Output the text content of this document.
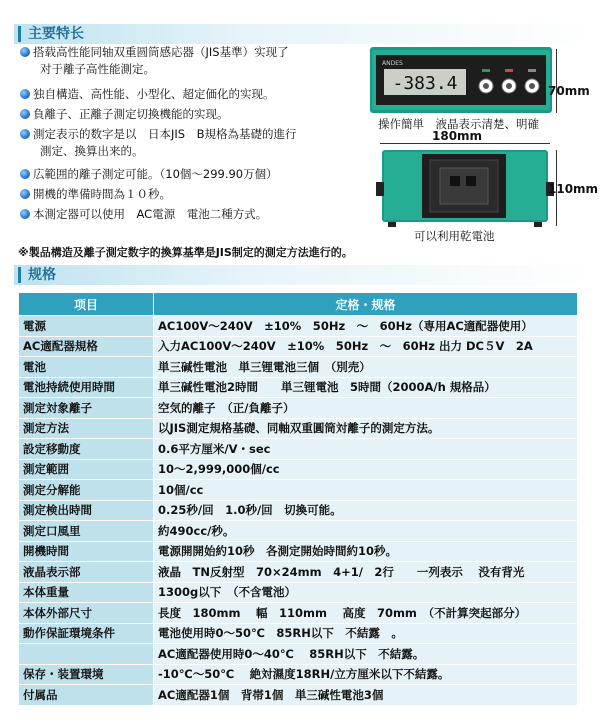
主要特长
搭载高性能同轴双重圆筒感応器（JIS基準）实现了
对于離子高性能測定。
独自構造、高性能、小型化、超定価化的实现。
負離子、正離子測定切換機能的实现。
測定表示的数字是以　日本JIS　B規格為基礎的進行
測定、換算出来的。
広範囲的離子測定可能。（10個〜299.90万個）
開機的準備時間為１０秒。
本測定器可以使用　AC電源　電池二種方式。
ANDES
-383.4	70mm
操作簡単　液晶表示清楚、明確
180mm
110mm
可以利用乾電池
※製品構造及離子測定数字的換算基準是JIS制定的測定方法進行的。
规格
项目	定格・规格
電源	AC100V〜240V　±10%　50Hz　〜　60Hz（専用AC適配器使用）
AC適配器規格	入力AC100V〜240V　±10%　50Hz　〜　60Hz 出力 DC５V　2A
電池	単三碱性電池　単三锂電池三個　（別売）
電池持続使用時間	単三碱性電池2時間　　単三锂電池　5時間（2000A/h 規格品）
測定対象離子	空気的離子　（正/負離子）
測定方法	以JIS測定規格基礎、同軸双重圓筒対離子的測定方法。
設定移動度	0.6平方厘米/V・sec
測定範囲	10〜2,999,000個/cc
測定分解能	10個/cc
測定検出時間	0.25秒/回　1.0秒/回　切換可能。
測定口風里	約490cc/秒。
開機時間	電源開開始約10秒　各測定開始時間約10秒。
液晶表示部	液晶　TN反射型　70×24mm　4+1/　2行　　一列表示　 没有背光
本体重量	1300g以下　（不含電池）
本体外部尺寸	長度　180mm　 幅　110mm　 高度　70mm　（不計算突起部分）
動作保証環境条件	電池使用時0〜50℃　85RH以下　不結露　。
	AC適配器使用時0〜40℃　 85RH以下　不結露。
保存・装置環境	-10℃〜50℃　 絶対濕度18RH/立方厘米以下不結露。
付属品	AC適配器1個　背帯1個　単三碱性電池3個
